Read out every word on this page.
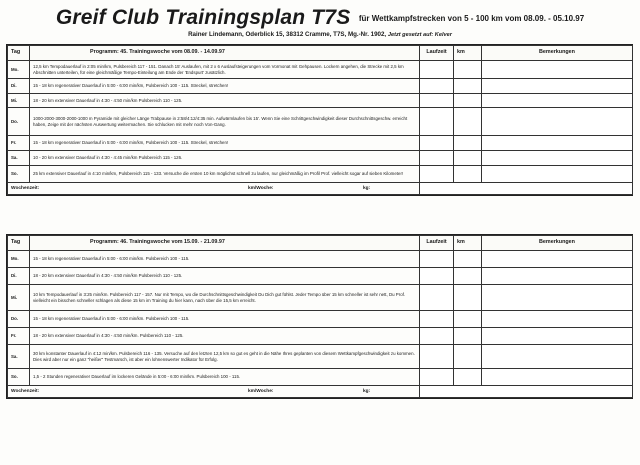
Greif Club Trainingsplan T7S für Wettkampfstrecken von 5 - 100 km vom 08.09. - 05.10.97
Rainer Lindemann, Oderblick 15, 38312 Cramme, T7S, Mg.-Nr. 1902, Jetzt gesetzt auf: Kelver
Tag	Programm: 45. Trainingswoche vom 08.09. - 14.09.97	Laufzeit	km	Bemerkungen
Mo.	12,5 km Tempodauerlauf in 2:05 min/km, Pulsbereich 117 - 151. Danach 15' Auslaufen, mit 2 x 6 Auslaufsteigerungen vom Vormonat mit Gehpausen. Lockern angehen, die Strecke mit 2,5 km Abschnitten unterteilen, für eine gleichmäßige Tempo-Einteilung am Ende der 'Endspurt' zusätzlich.			
Di.	15 - 18 km regenerativer Dauerlauf in 5:00 - 6:00 min/km, Pulsbereich 100 - 115. Streckel, stretchen!			
Mi.	18 - 20 km extensiver Dauerlauf in 4:30 - 4:50 min/km Pulsbereich 110 - 125.			
Do.	1000-2000-3000-2000-1000 m Pyramide mit gleicher Länge Trabpause in 2:58/4:12/4:35 min. Aufwärmlaufen bis 15'. Wenn Sie eine Schrittgeschwindigkeit dieser Durchschnittsgeschw. erreicht haben, Zeige mit der nächsten Auswertung weitermachen. Sie schlucken mit mehr noch Von-Gang.			
Fr.	15 - 18 km regenerativer Dauerlauf in 5:00 - 6:00 min/km, Pulsbereich 100 - 115. Streckel, stretchen!			
Sa.	10 - 20 km extensiver Dauerlauf in 4:30 - 4:45 min/km Pulsbereich 115 - 126.			
So.	25 km extensiver Dauerlauf in 4:10 min/km, Pulsbereich 115 - 133. Versuche die ersten 10 km möglichst schnell zu laufen, nur gleichmäßig im Profil Prof. vielleicht sogar auf sieben Kilometer!			
Wochenzeit: km/Woche: kg:				

Tag	Programm: 46. Trainingswoche vom 15.09. - 21.09.97	Laufzeit	km	Bemerkungen
Mo.	15 - 18 km regenerativer Dauerlauf in 5:00 - 6:00 min/km. Pulsbereich 100 - 115.			
Di.	18 - 20 km extensiver Dauerlauf in 4:30 - 4:50 min/km Pulsbereich 110 - 125.			
Mi.	10 km Tempodauerlauf in 3:25 min/km. Pulsbereich 117 - 157. Nur mit Tempo, wo die Durchschnittsgeschwindigkeit Du Dich gut fühlst. Jeder Tempo über 15 km schneller ist sehr nett, Du Prof. vielleicht ein bisschen schneller schlagen als diese 15 km im Training du hier kann, nach über die 15,5 km erreicht.			
Do.	15 - 18 km regenerativer Dauerlauf in 5:00 - 6:00 min/km. Pulsbereich 100 - 115.			
Fr.	18 - 20 km extensiver Dauerlauf in 4:30 - 4:50 min/km. Pulsbereich 110 - 125.			
Sa.	30 km konstanter Dauerlauf in 4:12 min/km. Pulsbereich 116 - 135. Versuche auf den letzten 12,5 km so gut es geht in die Nähe Ihres geplanten von diesem Wettkampfgeschwindigkeit zu kommen. Dies wird aber nur ein ganz "heißer" Testmarsch, ist aber ein lohnenswerter Indikator für Erfolg.			
So.	1,5 - 2 Stunden regenerativer Dauerlauf im lockeren Gelände in 5:00 - 6:00 min/km. Pulsbereich 100 - 115.			
Wochenzeit: km/Woche: kg:				
